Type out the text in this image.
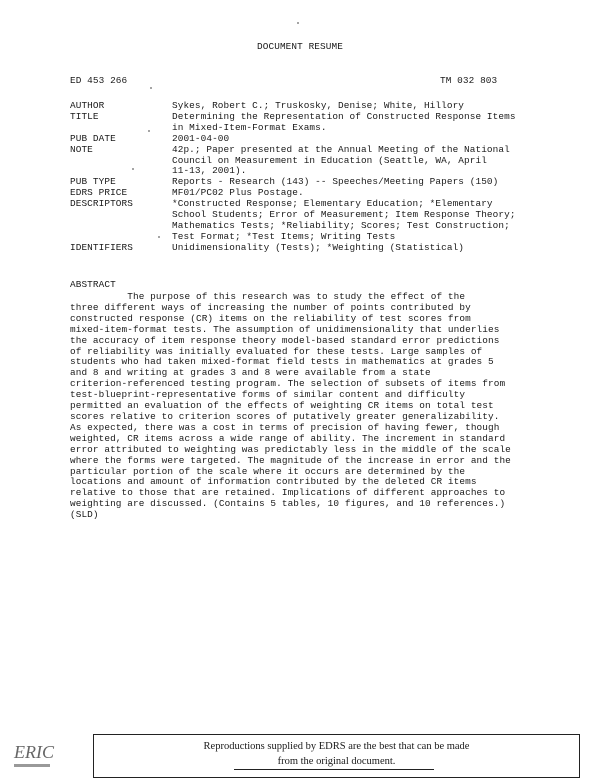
DOCUMENT RESUME
ED 453 266	TM 032 803
AUTHOR	Sykes, Robert C.; Truskosky, Denise; White, Hillory
TITLE	Determining the Representation of Constructed Response Items
in Mixed-Item-Format Exams.
PUB DATE	2001-04-00
NOTE	42p.; Paper presented at the Annual Meeting of the National
Council on Measurement in Education (Seattle, WA, April
11-13, 2001).
PUB TYPE	Reports - Research (143) -- Speeches/Meeting Papers (150)
EDRS PRICE	MF01/PC02 Plus Postage.
DESCRIPTORS	*Constructed Response; Elementary Education; *Elementary
School Students; Error of Measurement; Item Response Theory;
Mathematics Tests; *Reliability; Scores; Test Construction;
Test Format; *Test Items; Writing Tests
IDENTIFIERS	Unidimensionality (Tests); *Weighting (Statistical)
ABSTRACT
The purpose of this research was to study the effect of the
three different ways of increasing the number of points contributed by
constructed response (CR) items on the reliability of test scores from
mixed-item-format tests. The assumption of unidimensionality that underlies
the accuracy of item response theory model-based standard error predictions
of reliability was initially evaluated for these tests. Large samples of
students who had taken mixed-format field tests in mathematics at grades 5
and 8 and writing at grades 3 and 8 were available from a state
criterion-referenced testing program. The selection of subsets of items from
test-blueprint-representative forms of similar content and difficulty
permitted an evaluation of the effects of weighting CR items on total test
scores relative to criterion scores of putatively greater generalizability.
As expected, there was a cost in terms of precision of having fewer, though
weighted, CR items across a wide range of ability. The increment in standard
error attributed to weighting was predictably less in the middle of the scale
where the forms were targeted. The magnitude of the increase in error and the
particular portion of the scale where it occurs are determined by the
locations and amount of information contributed by the deleted CR items
relative to those that are retained. Implications of different approaches to
weighting are discussed. (Contains 5 tables, 10 figures, and 10 references.)
(SLD)
ERIC	Reproductions supplied by EDRS are the best that can be made
from the original document.
